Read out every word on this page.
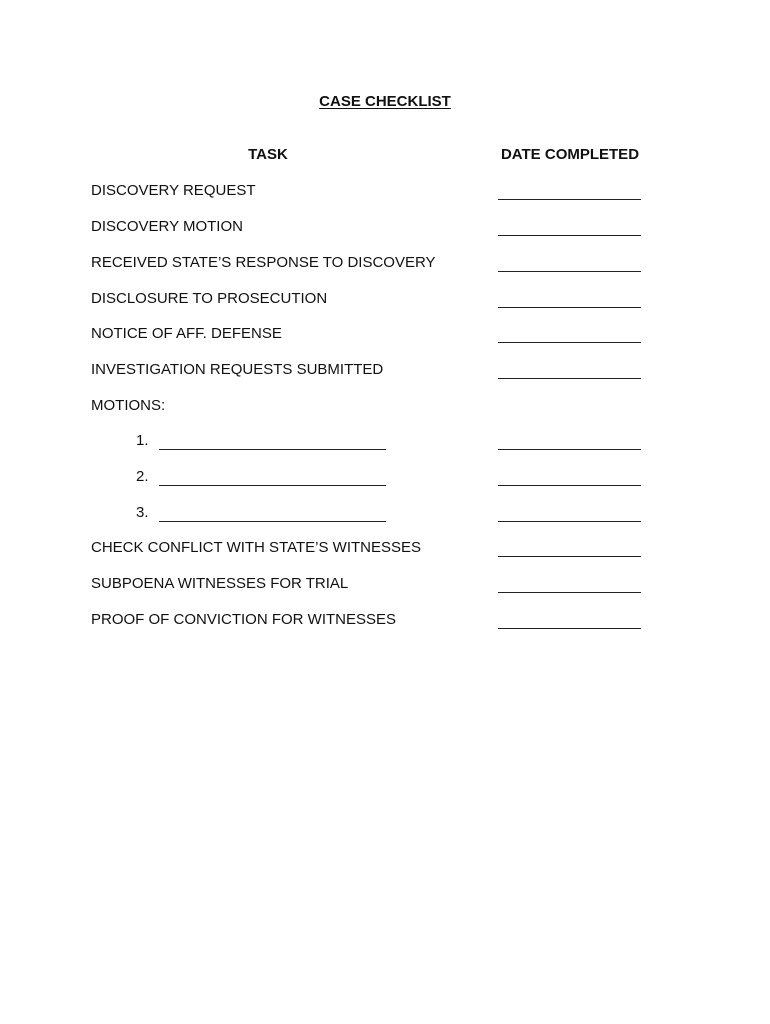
CASE CHECKLIST
TASK	DATE COMPLETED
DISCOVERY REQUEST
DISCOVERY MOTION
RECEIVED STATE’S RESPONSE TO DISCOVERY
DISCLOSURE TO PROSECUTION
NOTICE OF AFF. DEFENSE
INVESTIGATION REQUESTS SUBMITTED
MOTIONS:
1.
2.
3.
CHECK CONFLICT WITH STATE’S WITNESSES
SUBPOENA WITNESSES FOR TRIAL
PROOF OF CONVICTION FOR WITNESSES
